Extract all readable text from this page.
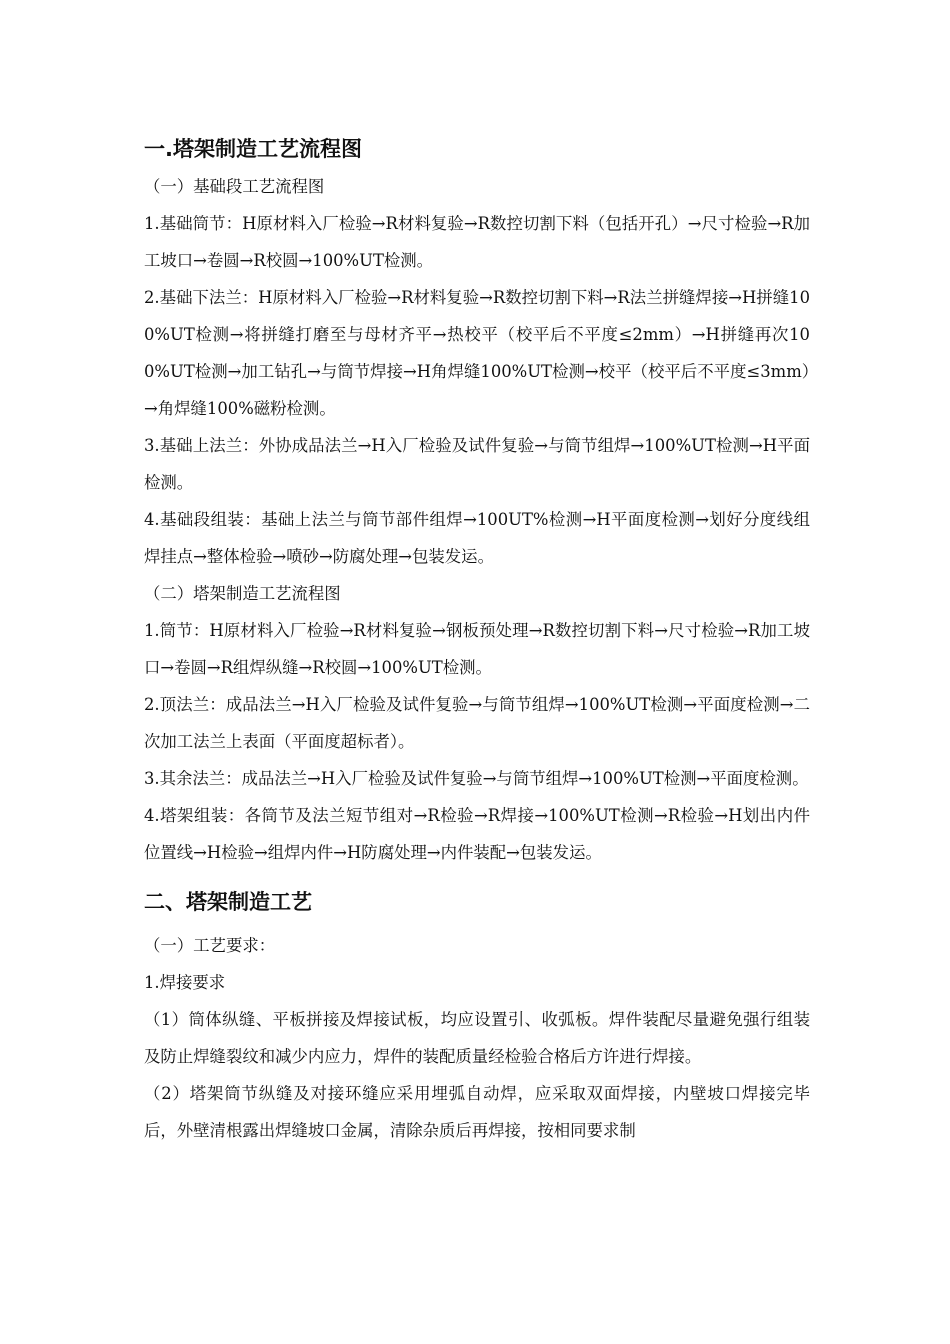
一.塔架制造工艺流程图

（一）基础段工艺流程图

1.基础筒节：H原材料入厂检验→R材料复验→R数控切割下料（包括开孔）→尺寸检验→R加工坡口→卷圆→R校圆→100%UT检测。

2.基础下法兰：H原材料入厂检验→R材料复验→R数控切割下料→R法兰拼缝焊接→H拼缝100%UT检测→将拼缝打磨至与母材齐平→热校平（校平后不平度≤2mm）→H拼缝再次100%UT检测→加工钻孔→与筒节焊接→H角焊缝100%UT检测→校平（校平后不平度≤3mm）→角焊缝100%磁粉检测。

3.基础上法兰：外协成品法兰→H入厂检验及试件复验→与筒节组焊→100%UT检测→H平面检测。

4.基础段组装：基础上法兰与筒节部件组焊→100UT%检测→H平面度检测→划好分度线组焊挂点→整体检验→喷砂→防腐处理→包装发运。

（二）塔架制造工艺流程图

1.筒节：H原材料入厂检验→R材料复验→钢板预处理→R数控切割下料→尺寸检验→R加工坡口→卷圆→R组焊纵缝→R校圆→100%UT检测。

2.顶法兰：成品法兰→H入厂检验及试件复验→与筒节组焊→100%UT检测→平面度检测→二次加工法兰上表面（平面度超标者）。

3.其余法兰：成品法兰→H入厂检验及试件复验→与筒节组焊→100%UT检测→平面度检测。

4.塔架组装：各筒节及法兰短节组对→R检验→R焊接→100%UT检测→R检验→H划出内件位置线→H检验→组焊内件→H防腐处理→内件装配→包装发运。

二、塔架制造工艺

（一）工艺要求：

1.焊接要求

（1）筒体纵缝、平板拼接及焊接试板，均应设置引、收弧板。焊件装配尽量避免强行组装及防止焊缝裂纹和减少内应力，焊件的装配质量经检验合格后方许进行焊接。

（2）塔架筒节纵缝及对接环缝应采用埋弧自动焊，应采取双面焊接，内壁坡口焊接完毕后，外壁清根露出焊缝坡口金属，清除杂质后再焊接，按相同要求制
